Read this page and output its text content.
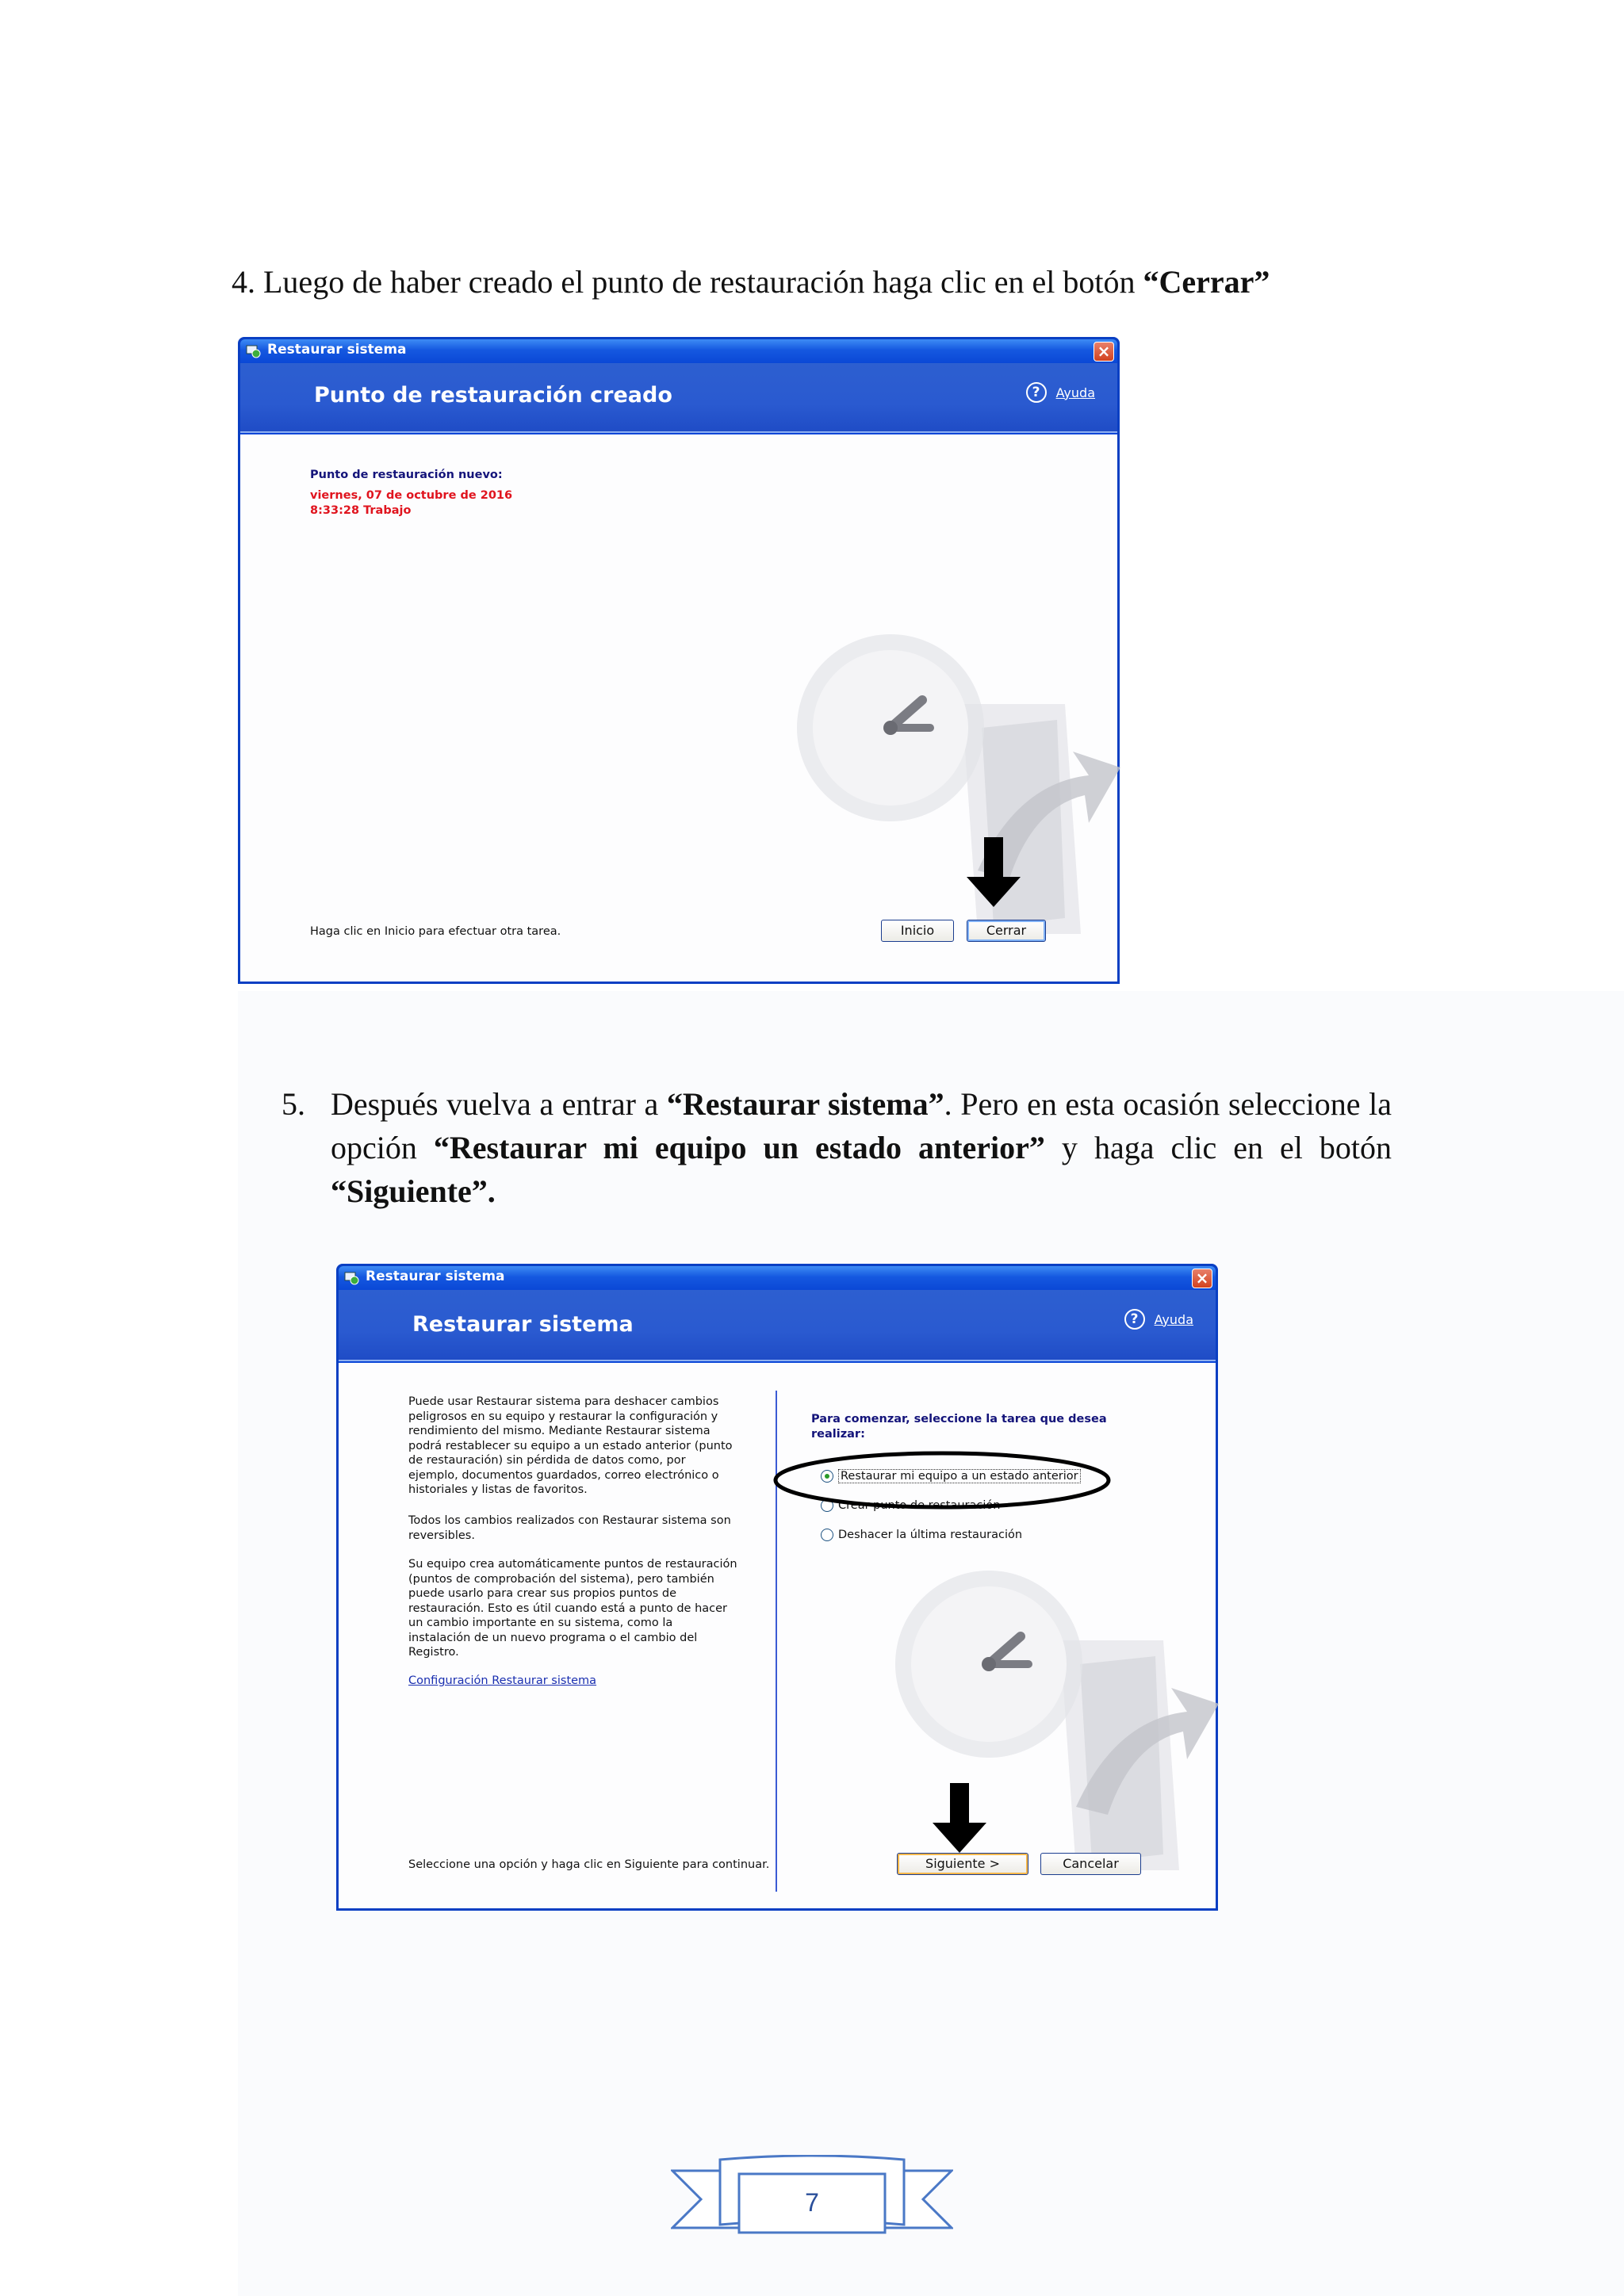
4. Luego de haber creado el punto de restauración haga clic en el botón “Cerrar”

Restaurar sistema	×
Punto de restauración creado	?	Ayuda
Punto de restauración nuevo:
viernes, 07 de octubre de 2016
8:33:28 Trabajo
Haga clic en Inicio para efectuar otra tarea.	Inicio	Cerrar
5. Después vuelva a entrar a “Restaurar sistema”. Pero en esta ocasión seleccione la opción “Restaurar mi equipo un estado anterior” y haga clic en el botón “Siguiente”.

Restaurar sistema	×
Restaurar sistema	?	Ayuda
Puede usar Restaurar sistema para deshacer cambios peligrosos en su equipo y restaurar la configuración y rendimiento del mismo. Mediante Restaurar sistema podrá restablecer su equipo a un estado anterior (punto de restauración) sin pérdida de datos como, por ejemplo, documentos guardados, correo electrónico o historiales y listas de favoritos.
Todos los cambios realizados con Restaurar sistema son reversibles.
Su equipo crea automáticamente puntos de restauración (puntos de comprobación del sistema), pero también puede usarlo para crear sus propios puntos de restauración. Esto es útil cuando está a punto de hacer un cambio importante en su sistema, como la instalación de un nuevo programa o el cambio del Registro.
Configuración Restaurar sistema
Para comenzar, seleccione la tarea que desea realizar:
Restaurar mi equipo a un estado anterior
Crear punto de restauración
Deshacer la última restauración
Seleccione una opción y haga clic en Siguiente para continuar.	Siguiente >	Cancelar
7
